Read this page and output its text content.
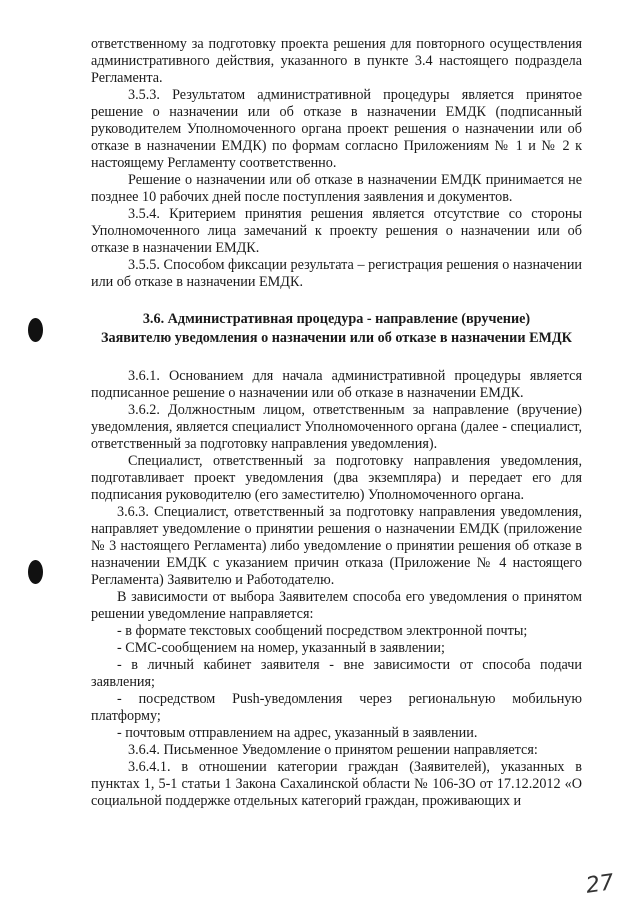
ответственному за подготовку проекта решения для повторного осуществления административного действия, указанного в пункте 3.4 настоящего подраздела Регламента.

3.5.3. Результатом административной процедуры является принятое решение о назначении или об отказе в назначении ЕМДК (подписанный руководителем Уполномоченного органа проект решения о назначении или об отказе в назначении ЕМДК) по формам согласно Приложениям № 1 и № 2 к настоящему Регламенту соответственно.

Решение о назначении или об отказе в назначении ЕМДК принимается не позднее 10 рабочих дней после поступления заявления и документов.

3.5.4. Критерием принятия решения является отсутствие со стороны Уполномоченного лица замечаний к проекту решения о назначении или об отказе в назначении ЕМДК.

3.5.5. Способом фиксации результата – регистрация решения о назначении или об отказе в назначении ЕМДК.

3.6. Административная процедура - направление (вручение)
Заявителю уведомления о назначении или об отказе в назначении ЕМДК

3.6.1. Основанием для начала административной процедуры является подписанное решение о назначении или об отказе в назначении ЕМДК.

3.6.2. Должностным лицом, ответственным за направление (вручение) уведомления, является специалист Уполномоченного органа (далее - специалист, ответственный за подготовку направления уведомления).

Специалист, ответственный за подготовку направления уведомления, подготавливает проект уведомления (два экземпляра) и передает его для подписания руководителю (его заместителю) Уполномоченного органа.

3.6.3. Специалист, ответственный за подготовку направления уведомления, направляет уведомление о принятии решения о назначении ЕМДК (приложение № 3 настоящего Регламента) либо уведомление о принятии решения об отказе в назначении ЕМДК с указанием причин отказа (Приложение № 4 настоящего Регламента) Заявителю и Работодателю.

В зависимости от выбора Заявителем способа его уведомления о принятом решении уведомление направляется:

- в формате текстовых сообщений посредством электронной почты;

- СМС-сообщением на номер, указанный в заявлении;

- в личный кабинет заявителя - вне зависимости от способа подачи заявления;

- посредством Push-уведомления через региональную мобильную платформу;

- почтовым отправлением на адрес, указанный в заявлении.

3.6.4. Письменное Уведомление о принятом решении направляется:

3.6.4.1. в отношении категории граждан (Заявителей), указанных в пунктах 1, 5-1 статьи 1 Закона Сахалинской области № 106-ЗО от 17.12.2012 «О социальной поддержке отдельных категорий граждан, проживающих и

27
